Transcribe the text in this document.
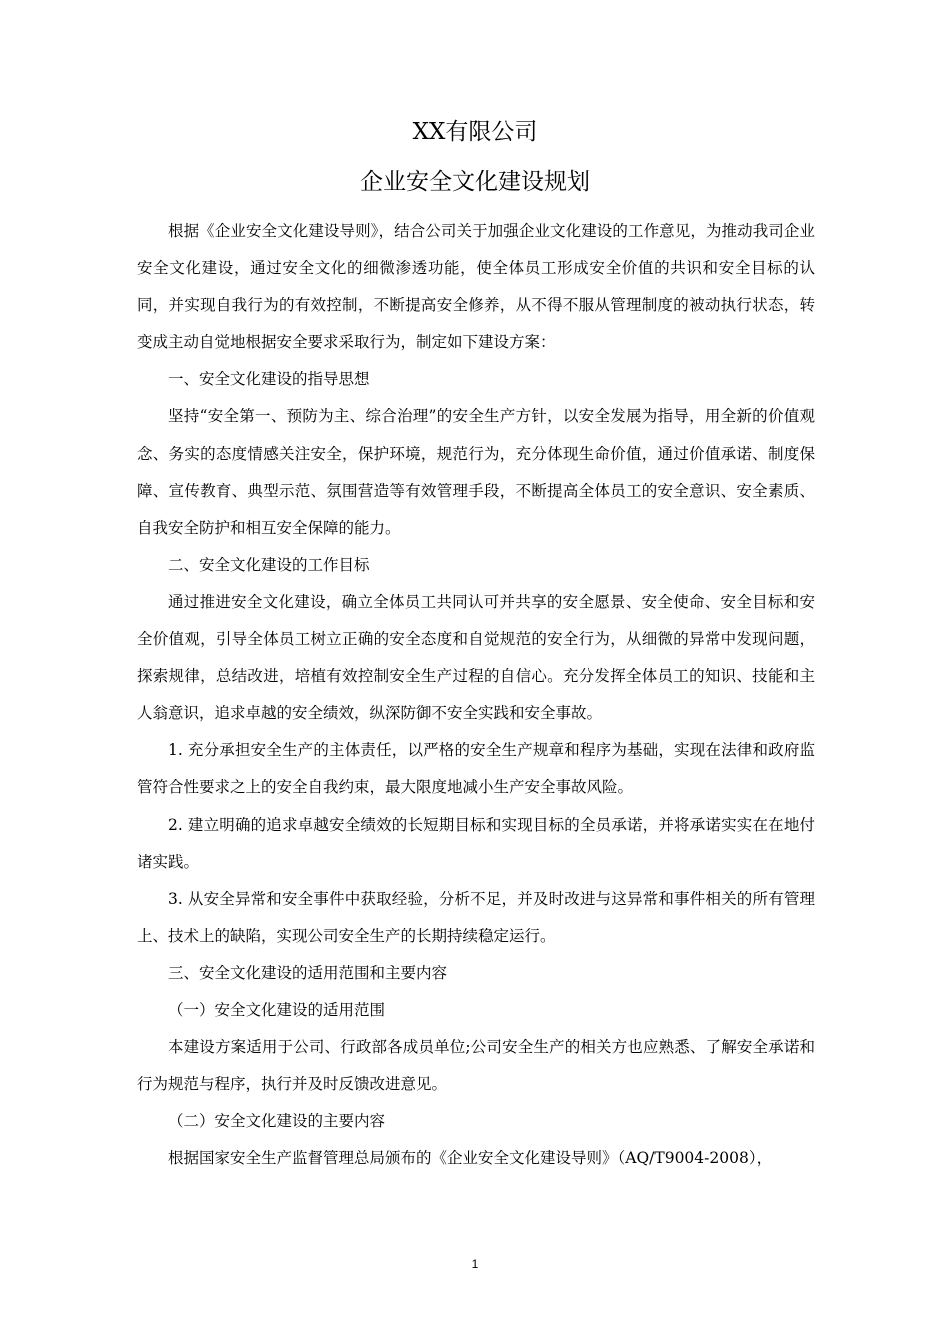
XX有限公司
企业安全文化建设规划

根据《企业安全文化建设导则》，结合公司关于加强企业文化建设的工作意见，为推动我司企业安全文化建设，通过安全文化的细微渗透功能，使全体员工形成安全价值的共识和安全目标的认同，并实现自我行为的有效控制，不断提高安全修养，从不得不服从管理制度的被动执行状态，转变成主动自觉地根据安全要求采取行为，制定如下建设方案：

一、安全文化建设的指导思想

坚持“安全第一、预防为主、综合治理”的安全生产方针，以安全发展为指导，用全新的价值观念、务实的态度情感关注安全，保护环境，规范行为，充分体现生命价值，通过价值承诺、制度保障、宣传教育、典型示范、氛围营造等有效管理手段，不断提高全体员工的安全意识、安全素质、自我安全防护和相互安全保障的能力。

二、安全文化建设的工作目标

通过推进安全文化建设，确立全体员工共同认可并共享的安全愿景、安全使命、安全目标和安全价值观，引导全体员工树立正确的安全态度和自觉规范的安全行为，从细微的异常中发现问题，探索规律，总结改进，培植有效控制安全生产过程的自信心。充分发挥全体员工的知识、技能和主人翁意识，追求卓越的安全绩效，纵深防御不安全实践和安全事故。

1. 充分承担安全生产的主体责任，以严格的安全生产规章和程序为基础，实现在法律和政府监管符合性要求之上的安全自我约束，最大限度地减小生产安全事故风险。

2. 建立明确的追求卓越安全绩效的长短期目标和实现目标的全员承诺，并将承诺实实在在地付诸实践。

3. 从安全异常和安全事件中获取经验，分析不足，并及时改进与这异常和事件相关的所有管理上、技术上的缺陷，实现公司安全生产的长期持续稳定运行。

三、安全文化建设的适用范围和主要内容

（一）安全文化建设的适用范围

本建设方案适用于公司、行政部各成员单位;公司安全生产的相关方也应熟悉、了解安全承诺和行为规范与程序，执行并及时反馈改进意见。

（二）安全文化建设的主要内容

根据国家安全生产监督管理总局颁布的《企业安全文化建设导则》（AQ/T9004-2008），

1
